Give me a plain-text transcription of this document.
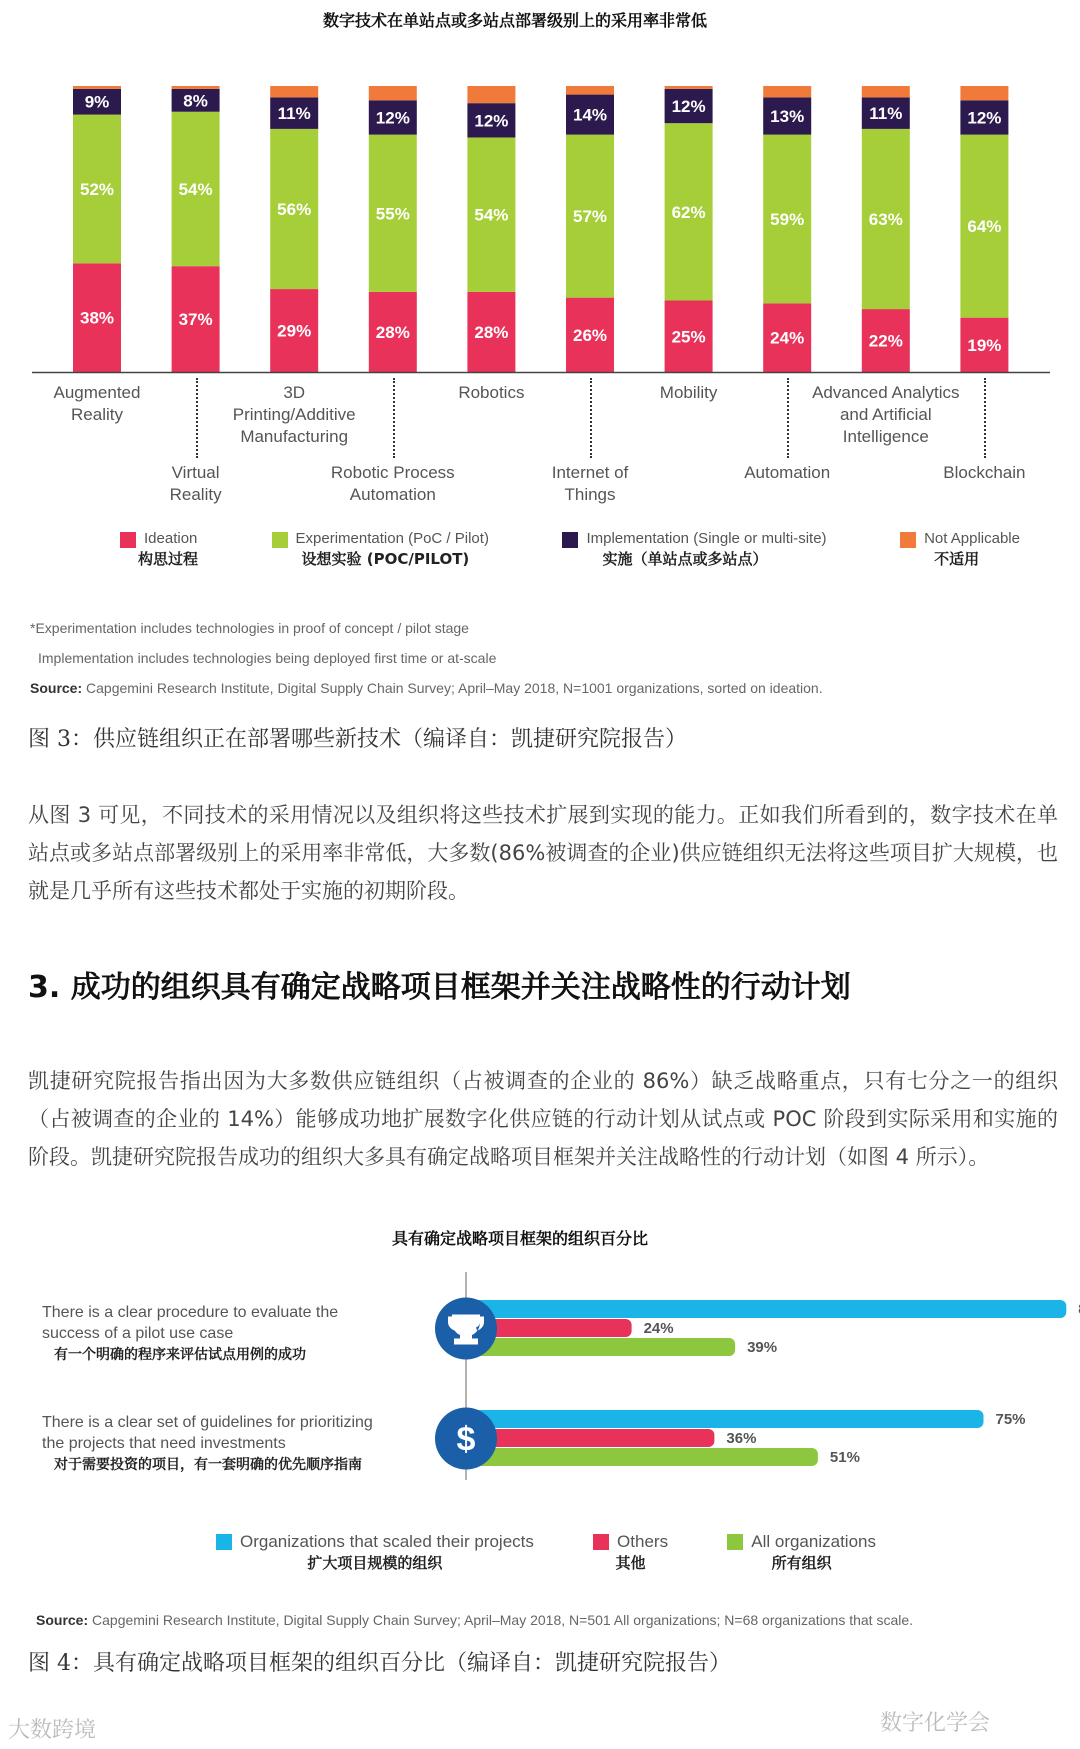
数字技术在单站点或多站点部署级别上的采用率非常低
38%
52%
9%
37%
54%
8%
29%
56%
11%
28%
55%
12%
28%
54%
12%
26%
57%
14%
25%
62%
12%
24%
59%
13%
22%
63%
11%
19%
64%
12%
Augmented
Reality
Virtual
Reality
3D
Printing/Additive
Manufacturing
Robotic Process
Automation
Robotics
Internet of
Things
Mobility
Automation
Advanced Analytics
and Artificial
Intelligence
Blockchain
Ideation
构思过程
Experimentation (PoC / Pilot)
设想实验 (POC/PILOT)
Implementation (Single or multi-site)
实施（单站点或多站点）
Not Applicable
不适用
*Experimentation includes technologies in proof of concept / pilot stage
Implementation includes technologies being deployed first time or at-scale
Source: Capgemini Research Institute, Digital Supply Chain Survey; April–May 2018, N=1001 organizations, sorted on ideation.
图 3：供应链组织正在部署哪些新技术（编译自：凯捷研究院报告）
从图 3 可见，不同技术的采用情况以及组织将这些技术扩展到实现的能力。正如我们所看到的，数字技术在单站点或多站点部署级别上的采用率非常低，大多数(86%被调查的企业)供应链组织无法将这些项目扩大规模，也就是几乎所有这些技术都处于实施的初期阶段。
3. 成功的组织具有确定战略项目框架并关注战略性的行动计划
凯捷研究院报告指出因为大多数供应链组织（占被调查的企业的 86%）缺乏战略重点，只有七分之一的组织（占被调查的企业的 14%）能够成功地扩展数字化供应链的行动计划从试点或 POC 阶段到实际采用和实施的阶段。凯捷研究院报告成功的组织大多具有确定战略项目框架并关注战略性的行动计划（如图 4 所示）。
具有确定战略项目框架的组织百分比
There is a clear procedure to evaluate the
success of a pilot use case
有一个明确的程序来评估试点用例的成功
There is a clear set of guidelines for prioritizing
the projects that need investments
对于需要投资的项目，有一套明确的优先顺序指南
24%
39%
75%
36%
51%
$
Organizations that scaled their projects
扩大项目规模的组织
Others
其他
All organizations
所有组织
Source: Capgemini Research Institute, Digital Supply Chain Survey; April–May 2018, N=501 All organizations; N=68 organizations that scale.
图 4：具有确定战略项目框架的组织百分比（编译自：凯捷研究院报告）
大数跨境	数字化学会
